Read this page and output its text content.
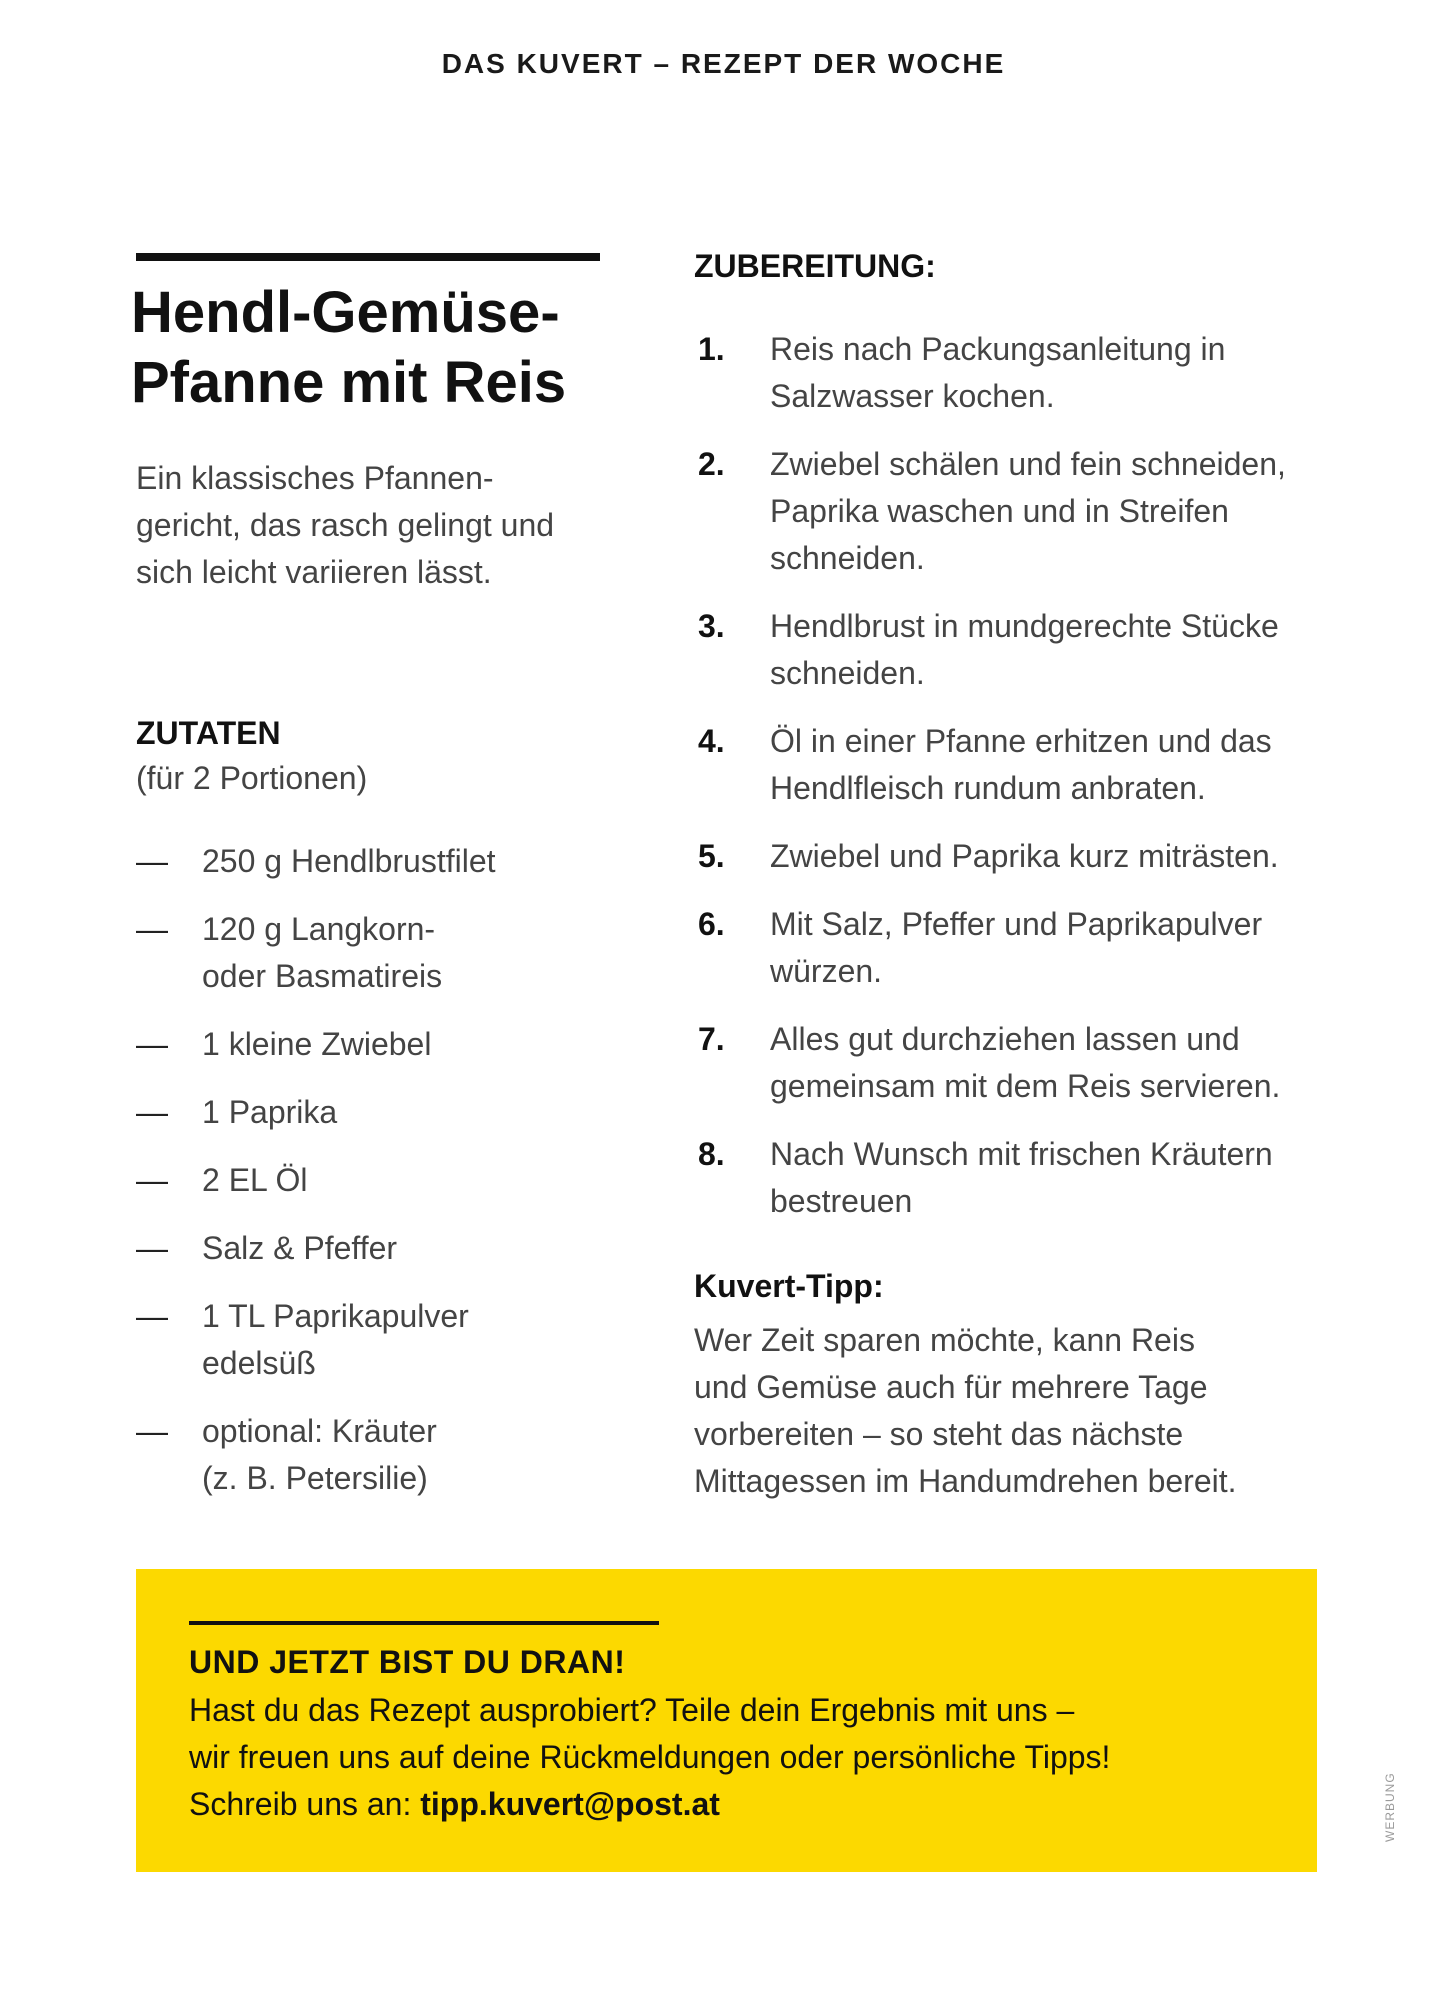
DAS KUVERT – REZEPT DER WOCHE
Hendl-Gemüse-
Pfanne mit Reis

Ein klassisches Pfannen-
gericht, das rasch gelingt und
sich leicht variieren lässt.

ZUTATEN

(für 2 Portionen)

—	250 g Hendlbrustfilet
—	120 g Langkorn-
oder Basmatireis
—	1 kleine Zwiebel
—	1 Paprika
—	2 EL Öl
—	Salz & Pfeffer
—	1 TL Paprikapulver
edelsüß
—	optional: Kräuter
(z. B. Petersilie)
ZUBEREITUNG:
1.	Reis nach Packungsanleitung in
Salzwasser kochen.
2.	Zwiebel schälen und fein schneiden,
Paprika waschen und in Streifen
schneiden.
3.	Hendlbrust in mundgerechte Stücke
schneiden.
4.	Öl in einer Pfanne erhitzen und das
Hendlfleisch rundum anbraten.
5.	Zwiebel und Paprika kurz miträsten.
6.	Mit Salz, Pfeffer und Paprikapulver
würzen.
7.	Alles gut durchziehen lassen und
gemeinsam mit dem Reis servieren.
8.	Nach Wunsch mit frischen Kräutern
bestreuen
Kuvert-Tipp:

Wer Zeit sparen möchte, kann Reis
und Gemüse auch für mehrere Tage
vorbereiten – so steht das nächste
Mittagessen im Handumdrehen bereit.

UND JETZT BIST DU DRAN!

Hast du das Rezept ausprobiert? Teile dein Ergebnis mit uns –
wir freuen uns auf deine Rückmeldungen oder persönliche Tipps!
Schreib uns an: tipp.kuvert@post.at	WERBUNG
